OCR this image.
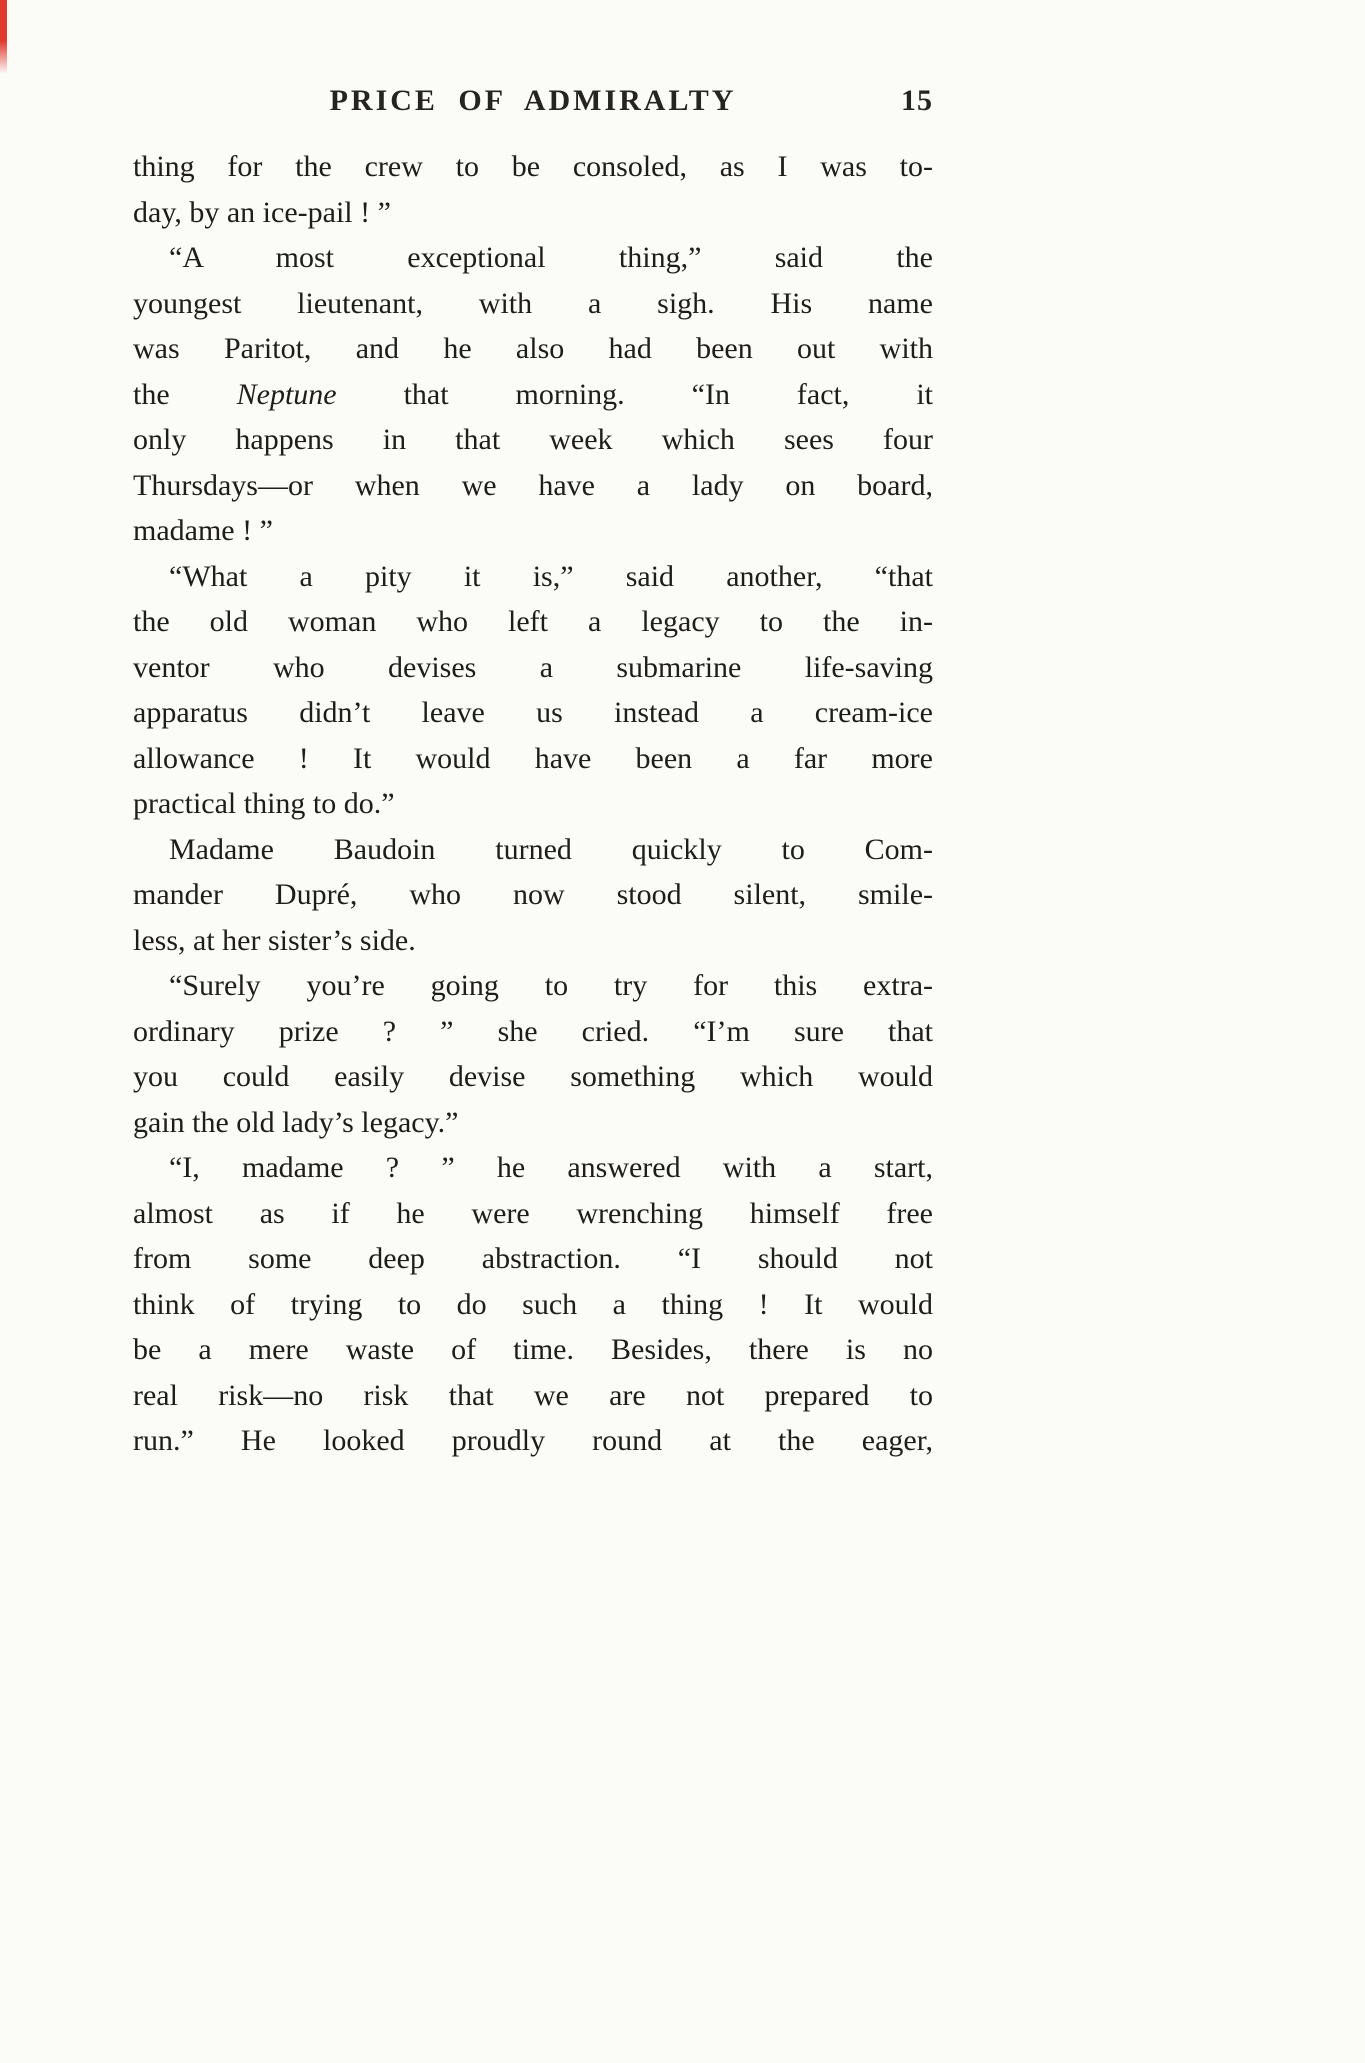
PRICE OF ADMIRALTY	15
thing for the crew to be consoled, as I was to-
day, by an ice-pail ! ”
“A most exceptional thing,” said the
youngest lieutenant, with a sigh. His name
was Paritot, and he also had been out with
the Neptune that morning. “In fact, it
only happens in that week which sees four
Thursdays—or when we have a lady on board,
madame ! ”
“What a pity it is,” said another, “that
the old woman who left a legacy to the in-
ventor who devises a submarine life-saving
apparatus didn’t leave us instead a cream-ice
allowance ! It would have been a far more
practical thing to do.”
Madame Baudoin turned quickly to Com-
mander Dupré, who now stood silent, smile-
less, at her sister’s side.
“Surely you’re going to try for this extra-
ordinary prize ? ” she cried. “I’m sure that
you could easily devise something which would
gain the old lady’s legacy.”
“I, madame ? ” he answered with a start,
almost as if he were wrenching himself free
from some deep abstraction. “I should not
think of trying to do such a thing ! It would
be a mere waste of time. Besides, there is no
real risk—no risk that we are not prepared to
run.” He looked proudly round at the eager,
